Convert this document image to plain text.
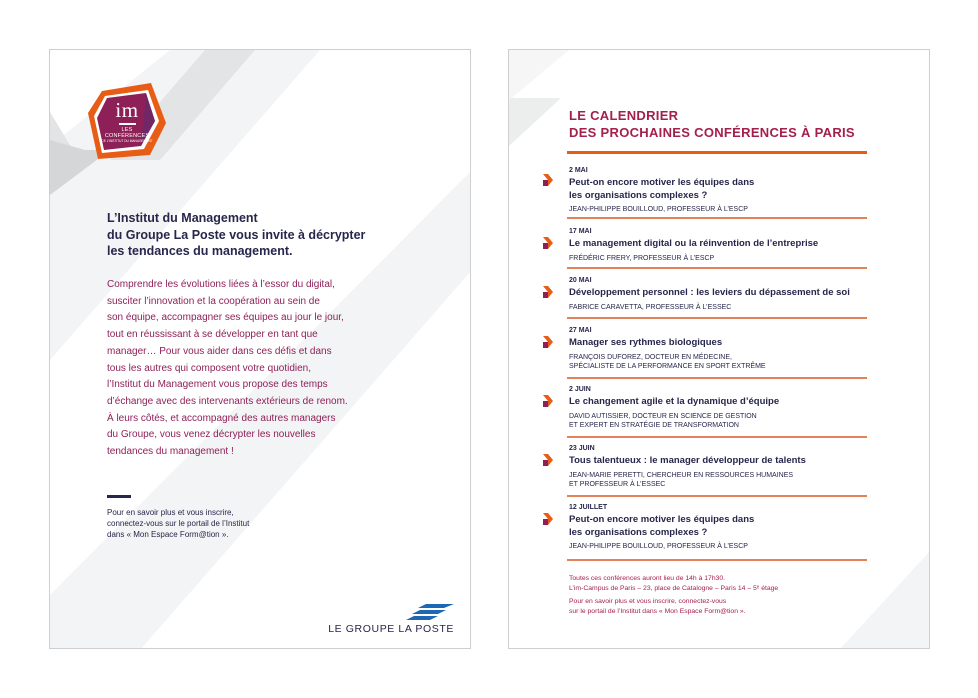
im
LES CONFÉRENCES
DE L'INSTITUT DU MANAGEMENT
L’Institut du Management
du Groupe La Poste vous invite à décrypter
les tendances du management.
Comprendre les évolutions liées à l’essor du digital,
susciter l’innovation et la coopération au sein de
son équipe, accompagner ses équipes au jour le jour,
tout en réussissant à se développer en tant que
manager… Pour vous aider dans ces défis et dans
tous les autres qui composent votre quotidien,
l’Institut du Management vous propose des temps
d’échange avec des intervenants extérieurs de renom.
À leurs côtés, et accompagné des autres managers
du Groupe, vous venez décrypter les nouvelles
tendances du management !
Pour en savoir plus et vous inscrire,
connectez-vous sur le portail de l’Institut
dans « Mon Espace Form@tion ».
LE GROUPE LA POSTE
LE CALENDRIER
DES PROCHAINES CONFÉRENCES À PARIS
2 MAI
Peut-on encore motiver les équipes dans
les organisations complexes ?
JEAN-PHILIPPE BOUILLOUD, PROFESSEUR À L’ESCP
17 MAI
Le management digital ou la réinvention de l’entreprise
FRÉDÉRIC FRERY, PROFESSEUR À L’ESCP
20 MAI
Développement personnel : les leviers du dépassement de soi
FABRICE CARAVETTA, PROFESSEUR À L’ESSEC
27 MAI
Manager ses rythmes biologiques
FRANÇOIS DUFOREZ, DOCTEUR EN MÉDECINE,
SPÉCIALISTE DE LA PERFORMANCE EN SPORT EXTRÊME
2 JUIN
Le changement agile et la dynamique d’équipe
DAVID AUTISSIER, DOCTEUR EN SCIENCE DE GESTION
ET EXPERT EN STRATÉGIE DE TRANSFORMATION
23 JUIN
Tous talentueux : le manager développeur de talents
JEAN-MARIE PERETTI, CHERCHEUR EN RESSOURCES HUMAINES
ET PROFESSEUR À L’ESSEC
12 JUILLET
Peut-on encore motiver les équipes dans
les organisations complexes ?
JEAN-PHILIPPE BOUILLOUD, PROFESSEUR À L’ESCP
Toutes ces conférences auront lieu de 14h à 17h30.
L’im-Campus de Paris – 23, place de Catalogne – Paris 14 – 5ᵉ étage
Pour en savoir plus et vous inscrire, connectez-vous
sur le portail de l’Institut dans « Mon Espace Form@tion ».
